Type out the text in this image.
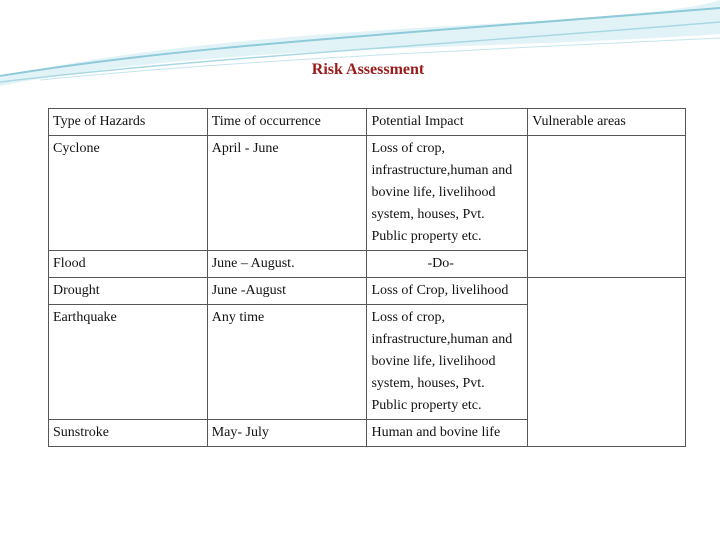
Risk Assessment
Type of Hazards	Time of occurrence	Potential Impact	Vulnerable areas
Cyclone	April - June	Loss of crop, infrastructure,human and bovine life, livelihood system, houses, Pvt. Public property etc.	
Flood	June – August.	-Do-	
Drought	June -August	Loss of Crop, livelihood	
Earthquake	Any time	Loss of crop, infrastructure,human and bovine life, livelihood system, houses, Pvt. Public property etc.	
Sunstroke	May- July	Human and bovine life	
